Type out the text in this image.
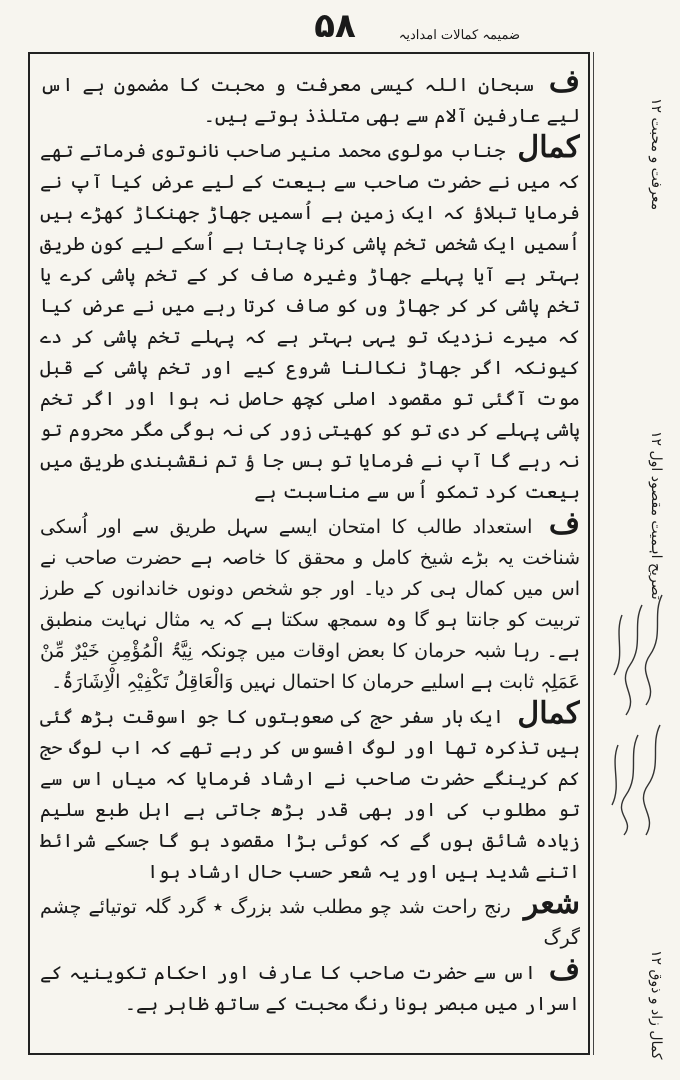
۵۸	ضمیمہ کمالات امدادیہ

ف سبحان اللہ کیسی معرفت و محبت کا مضمون ہے اس لیے عارفین آلام سے بھی متلذذ ہوتے ہیں۔

کمال جناب مولوی محمد منیر صاحب نانوتوی فرماتے تھے کہ میں نے حضرت صاحب سے بیعت کے لیے عرض کیا آپ نے فرمایا تبلاؤ کہ ایک زمین ہے اُسمیں جھاڑ جھنکاڑ کھڑے ہیں اُسمیں ایک شخص تخم پاشی کرنا چاہتا ہے اُسکے لیے کون طریق بہتر ہے آیا پہلے جھاڑ وغیرہ صاف کر کے تخم پاشی کرے یا تخم پاشی کر کر جھاڑ وں کو صاف کرتا رہے میں نے عرض کیا کہ میرے نزدیک تو یہی بہتر ہے کہ پہلے تخم پاشی کر دے کیونکہ اگر جھاڑ نکالنا شروع کیے اور تخم پاشی کے قبل موت آگئی تو مقصود اصلی کچھ حاصل نہ ہوا اور اگر تخم پاشی پہلے کر دی تو کو کھیتی زور کی نہ ہوگی مگر محروم تو نہ رہے گا آپ نے فرمایا تو بس جا ؤ تم نقشبندی طریق میں بیعت کرد تمکو اُس سے مناسبت ہے

ف استعداد طالب کا امتحان ایسے سہل طریق سے اور اُسکی شناخت یہ بڑے شیخ کامل و محقق کا خاصہ ہے حضرت صاحب نے اس میں کمال ہی کر دیا۔ اور جو شخص دونوں خاندانوں کے طرز تربیت کو جانتا ہو گا وہ سمجھ سکتا ہے کہ یہ مثال نہایت منطبق ہے۔ رہا شبہ حرمان کا بعض اوقات میں چونکہ نِیَّۃُ الْمُؤْمِنِ خَیْرٌ مِّنْ عَمَلِہٖ ثابت ہے اسلیے حرمان کا احتمال نہیں وَالْعَاقِلُ تَکْفِیْہِ الْاِشَارَۃُ۔

کمال ایک بار سفر حج کی صعوبتوں کا جو اسوقت بڑھ گئی ہیں تذکرہ تھا اور لوگ افسوس کر رہے تھے کہ اب لوگ حج کم کرینگے حضرت صاحب نے ارشاد فرمایا کہ میاں اس سے تو مطلوب کی اور بھی قدر بڑھ جاتی ہے اہل طبع سلیم زیادہ شائق ہوں گے کہ کوئی بڑا مقصود ہو گا جسکے شرائط اتنے شدید ہیں اور یہ شعر حسب حال ارشاد ہوا

شعر رنج راحت شد چو مطلب شد بزرگ ٭ گرد گلہ توتیائے چشم گرگ

ف اس سے حضرت صاحب کا عارف اور احکام تکوینیہ کے اسرار میں مبصر ہونا رنگ محبت کے ساتھ ظاہر ہے۔

معرفت و محبت ۱۲
تصریح اہمیت مقصود اول ۱۲
کمال زاد و ذوق ۱۲
